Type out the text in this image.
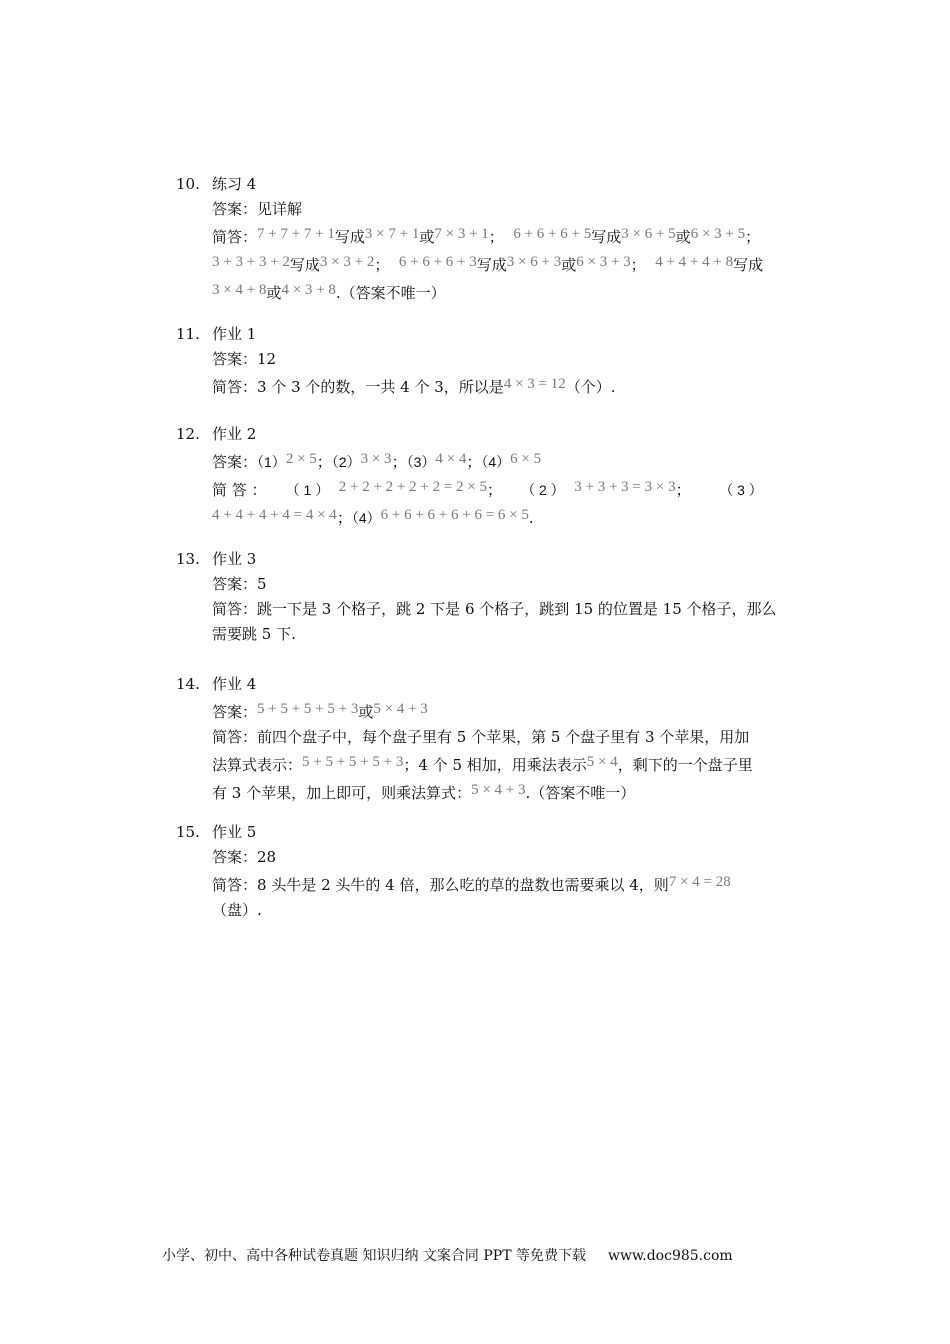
10. 练习 4
答案：见详解
简答：7 + 7 + 7 + 1写成3 × 7 + 1或7 × 3 + 1； 6 + 6 + 6 + 5写成3 × 6 + 5或6 × 3 + 5；
3 + 3 + 3 + 2写成3 × 3 + 2； 6 + 6 + 6 + 3写成3 × 6 + 3或6 × 3 + 3； 4 + 4 + 4 + 8写成
3 × 4 + 8或4 × 3 + 8.（答案不唯一）
11. 作业 1
答案：12
简答：3 个 3 个的数，一共 4 个 3，所以是4 × 3 = 12（个）.
12. 作业 2
答案：（1）2 × 5；（2）3 × 3；（3）4 × 4；（4）6 × 5
简 答 ： （ 1 ） 2 + 2 + 2 + 2 + 2 = 2 × 5； （ 2 ） 3 + 3 + 3 = 3 × 3； （ 3 ）
4 + 4 + 4 + 4 = 4 × 4；（4）6 + 6 + 6 + 6 + 6 = 6 × 5.
13. 作业 3
答案：5
简答：跳一下是 3 个格子，跳 2 下是 6 个格子，跳到 15 的位置是 15 个格子，那么
需要跳 5 下.
14. 作业 4
答案：5 + 5 + 5 + 5 + 3或5 × 4 + 3
简答：前四个盘子中，每个盘子里有 5 个苹果，第 5 个盘子里有 3 个苹果，用加
法算式表示：5 + 5 + 5 + 5 + 3；4 个 5 相加，用乘法表示5 × 4，剩下的一个盘子里
有 3 个苹果，加上即可，则乘法算式：5 × 4 + 3.（答案不唯一）
15. 作业 5
答案：28
简答：8 头牛是 2 头牛的 4 倍，那么吃的草的盘数也需要乘以 4，则7 × 4 = 28
（盘）.
小学、初中、高中各种试卷真题 知识归纳 文案合同 PPT 等免费下载 www.doc985.com
